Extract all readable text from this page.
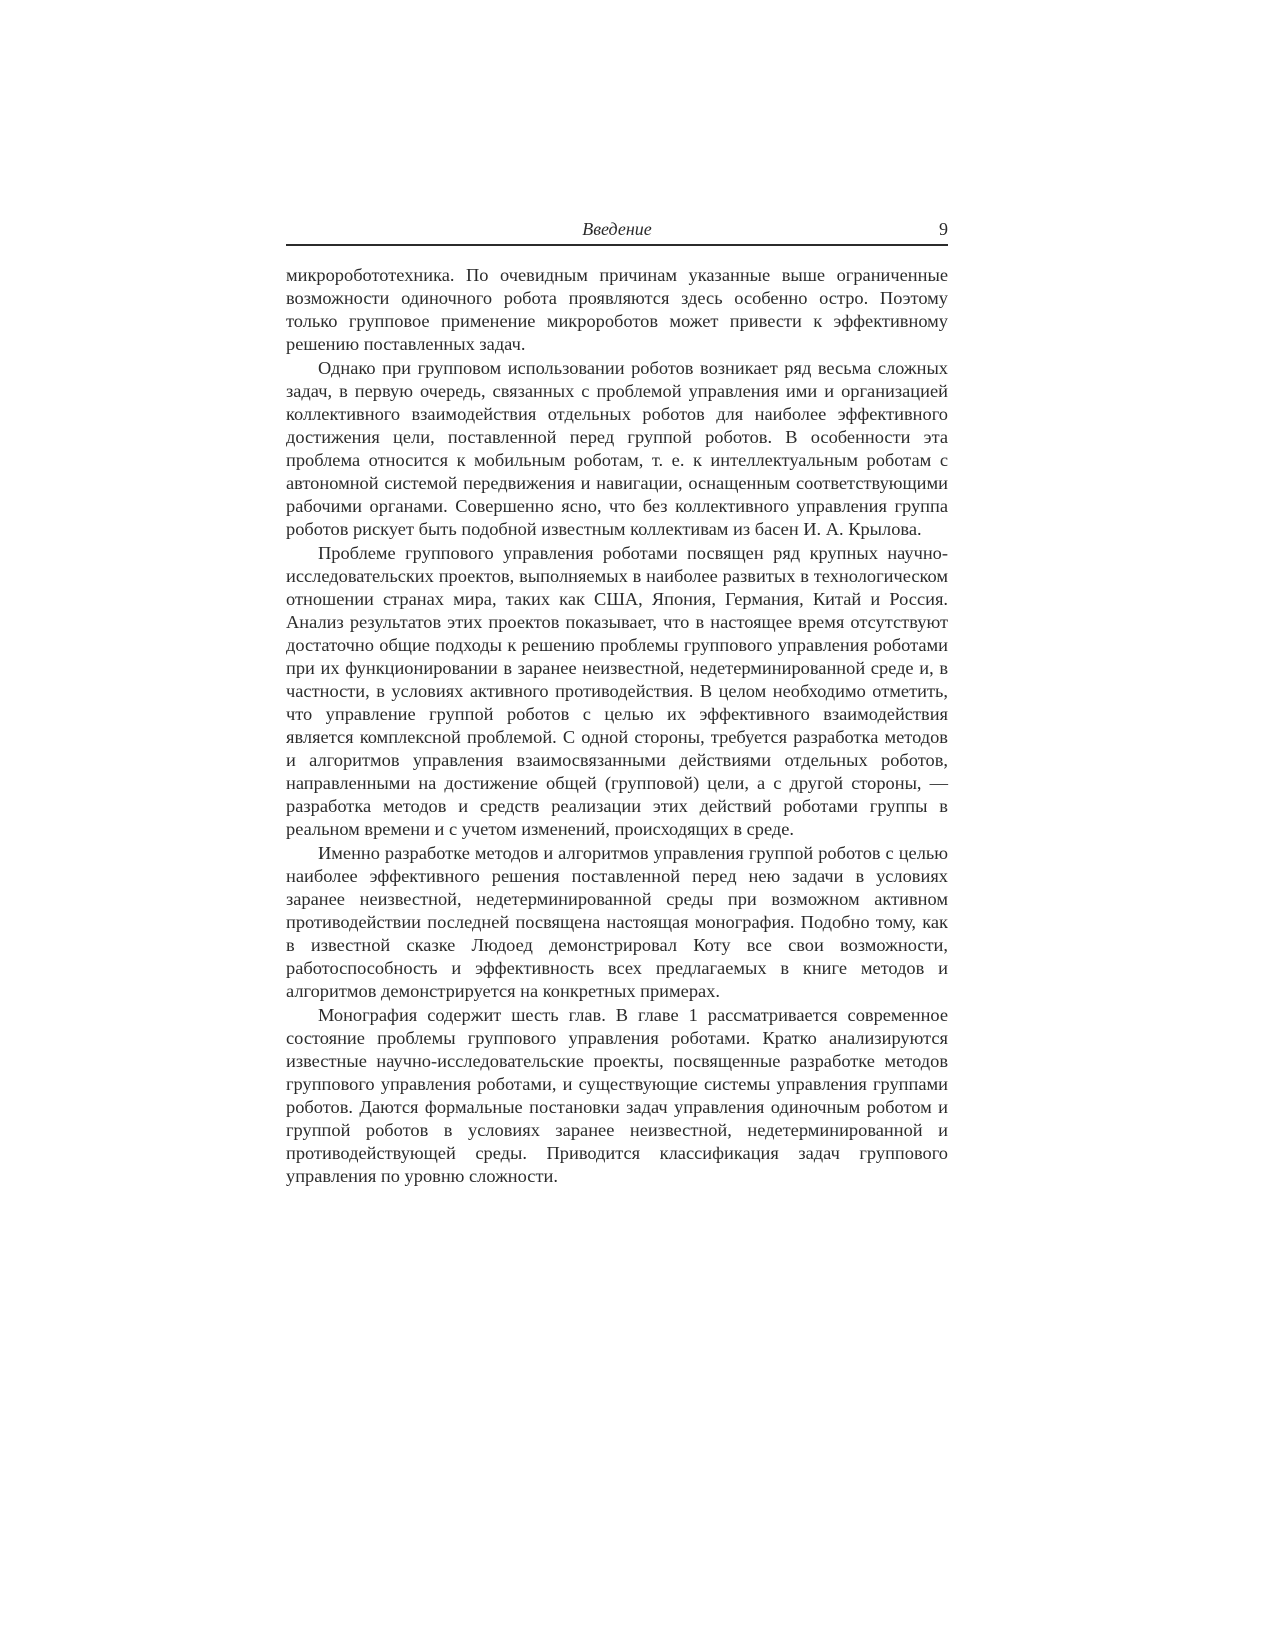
Введение	9

микроробототехника. По очевидным причинам указанные выше ограниченные возможности одиночного робота проявляются здесь особенно остро. Поэтому только групповое применение микророботов может привести к эффективному решению поставленных задач.

Однако при групповом использовании роботов возникает ряд весьма сложных задач, в первую очередь, связанных с проблемой управления ими и организацией коллективного взаимодействия отдельных роботов для наиболее эффективного достижения цели, поставленной перед группой роботов. В особенности эта проблема относится к мобильным роботам, т. е. к интеллектуальным роботам с автономной системой передвижения и навигации, оснащенным соответствующими рабочими органами. Совершенно ясно, что без коллективного управления группа роботов рискует быть подобной известным коллективам из басен И. А. Крылова.

Проблеме группового управления роботами посвящен ряд крупных научно-исследовательских проектов, выполняемых в наиболее развитых в технологическом отношении странах мира, таких как США, Япония, Германия, Китай и Россия. Анализ результатов этих проектов показывает, что в настоящее время отсутствуют достаточно общие подходы к решению проблемы группового управления роботами при их функционировании в заранее неизвестной, недетерминированной среде и, в частности, в условиях активного противодействия. В целом необходимо отметить, что управление группой роботов с целью их эффективного взаимодействия является комплексной проблемой. С одной стороны, требуется разработка методов и алгоритмов управления взаимосвязанными действиями отдельных роботов, направленными на достижение общей (групповой) цели, а с другой стороны, — разработка методов и средств реализации этих действий роботами группы в реальном времени и с учетом изменений, происходящих в среде.

Именно разработке методов и алгоритмов управления группой роботов с целью наиболее эффективного решения поставленной перед нею задачи в условиях заранее неизвестной, недетерминированной среды при возможном активном противодействии последней посвящена настоящая монография. Подобно тому, как в известной сказке Людоед демонстрировал Коту все свои возможности, работоспособность и эффективность всех предлагаемых в книге методов и алгоритмов демонстрируется на конкретных примерах.

Монография содержит шесть глав. В главе 1 рассматривается современное состояние проблемы группового управления роботами. Кратко анализируются известные научно-исследовательские проекты, посвященные разработке методов группового управления роботами, и существующие системы управления группами роботов. Даются формальные постановки задач управления одиночным роботом и группой роботов в условиях заранее неизвестной, недетерминированной и противодействующей среды. Приводится классификация задач группового управления по уровню сложности.
